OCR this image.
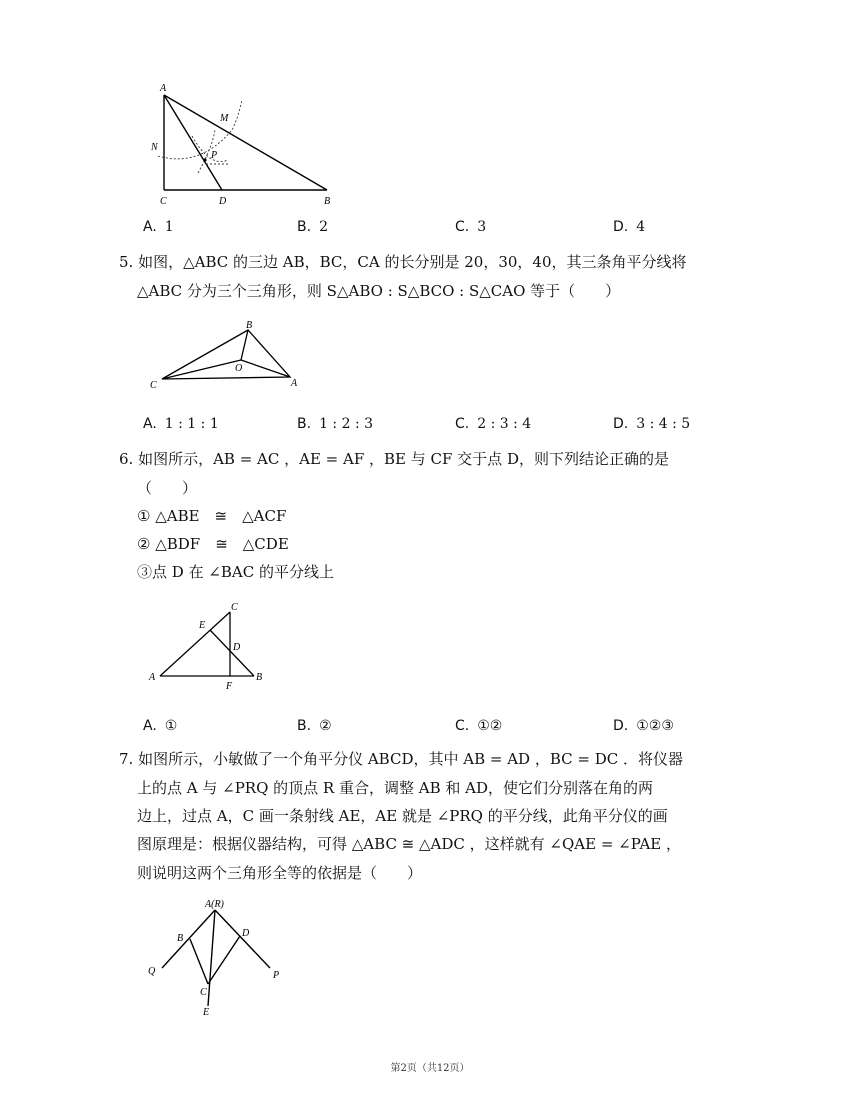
A
M
N
P
C	D	B
A. 1	B. 2	C. 3	D. 4
5. 如图，△ABC 的三边 AB，BC，CA 的长分别是 20，30，40，其三条角平分线将
△ABC 分为三个三角形，则 S△ABO : S△BCO : S△CAO 等于（　　）
B
O
C	A
A. 1 : 1 : 1	B. 1 : 2 : 3	C. 2 : 3 : 4	D. 3 : 4 : 5
6. 如图所示，AB = AC ，AE = AF ，BE 与 CF 交于点 D，则下列结论正确的是
（　　）
① △ABE　≅　△ACF
② △BDF　≅　△CDE
③点 D 在 ∠BAC 的平分线上
C
E
D
A
F
B
A. ①	B. ②	C. ①②	D. ①②③
7. 如图所示，小敏做了一个角平分仪 ABCD，其中 AB = AD ，BC = DC ．将仪器
上的点 A 与 ∠PRQ 的顶点 R 重合，调整 AB 和 AD，使它们分别落在角的两
边上，过点 A，C 画一条射线 AE，AE 就是 ∠PRQ 的平分线，此角平分仪的画
图原理是：根据仪器结构，可得 △ABC ≅ △ADC ，这样就有 ∠QAE = ∠PAE ，
则说明这两个三角形全等的依据是（　　）
A(R)
B	D
Q	P
C
E
第2页（共12页）
